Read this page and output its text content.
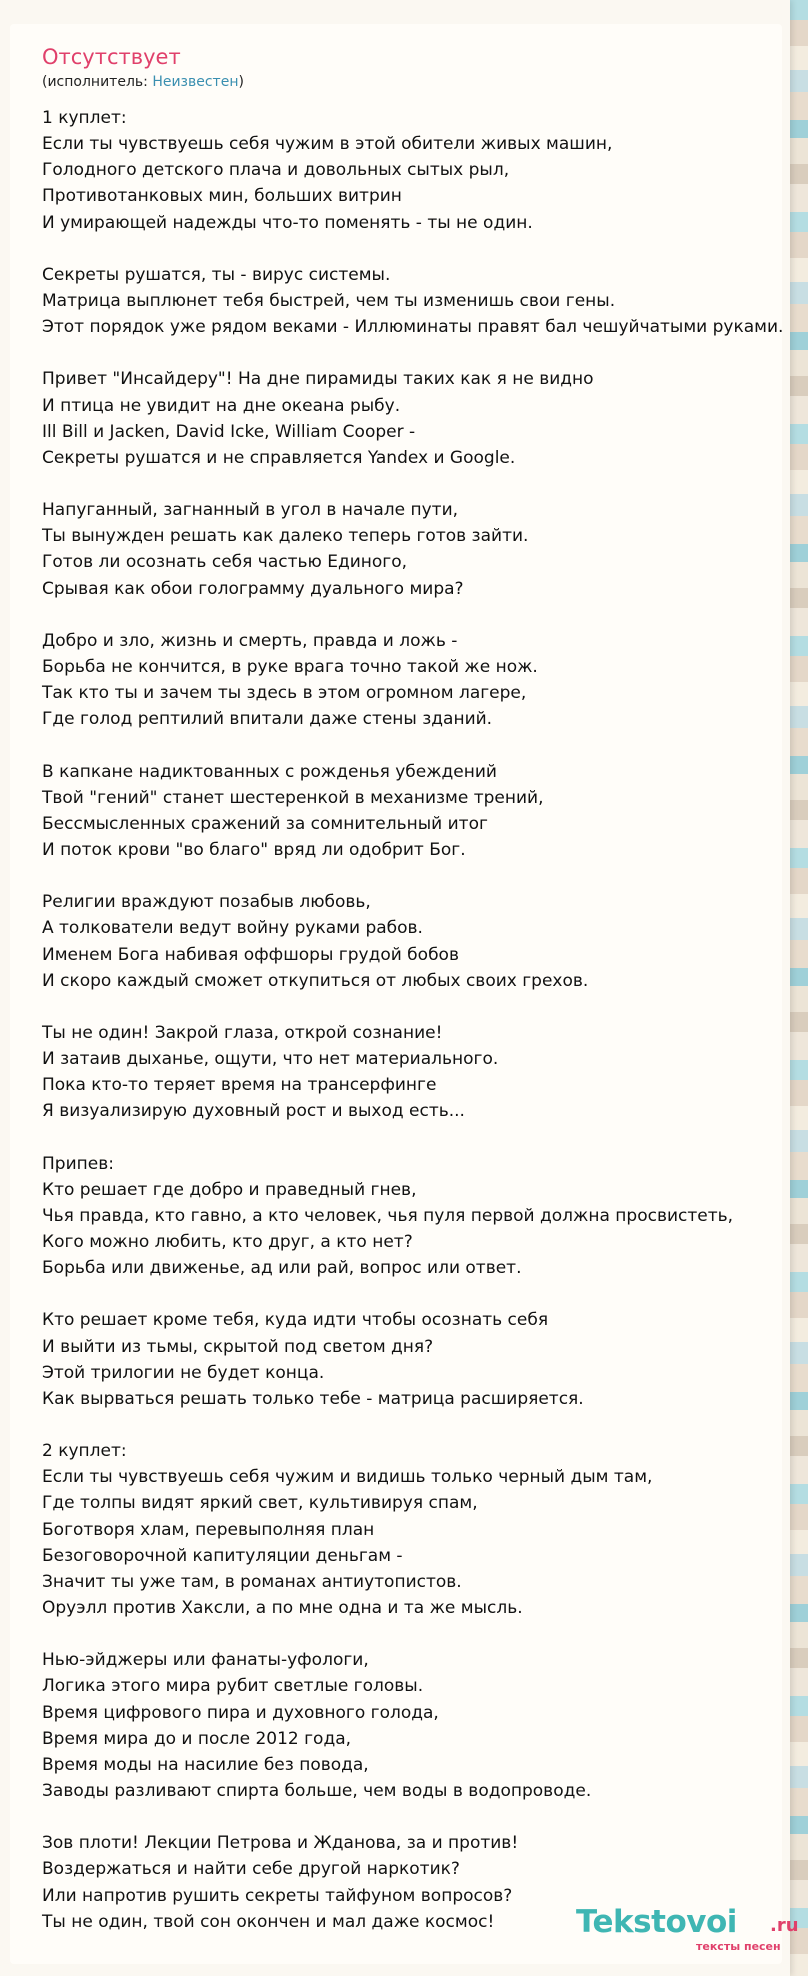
Отсутствует
(исполнитель: Неизвестен)
1 куплет:
Если ты чувствуешь себя чужим в этой обители живых машин,
Голодного детского плача и довольных сытых рыл,
Противотанковых мин, больших витрин
И умирающей надежды что-то поменять - ты не один.
Секреты рушатся, ты - вирус системы.
Матрица выплюнет тебя быстрей, чем ты изменишь свои гены.
Этот порядок уже рядом веками - Иллюминаты правят бал чешуйчатыми руками.
Привет "Инсайдеру"! На дне пирамиды таких как я не видно
И птица не увидит на дне океана рыбу.
Ill Bill и Jacken, David Icke, William Cooper -
Секреты рушатся и не справляется Yandex и Google.
Напуганный, загнанный в угол в начале пути,
Ты вынужден решать как далеко теперь готов зайти.
Готов ли осознать себя частью Единого,
Срывая как обои голограмму дуального мира?
Добро и зло, жизнь и смерть, правда и ложь -
Борьба не кончится, в руке врага точно такой же нож.
Так кто ты и зачем ты здесь в этом огромном лагере,
Где голод рептилий впитали даже стены зданий.
В капкане надиктованных с рожденья убеждений
Твой "гений" станет шестеренкой в механизме трений,
Бессмысленных сражений за сомнительный итог
И поток крови "во благо" вряд ли одобрит Бог.
Религии враждуют позабыв любовь,
А толкователи ведут войну руками рабов.
Именем Бога набивая оффшоры грудой бобов
И скоро каждый сможет откупиться от любых своих грехов.
Ты не один! Закрой глаза, открой сознание!
И затаив дыханье, ощути, что нет материального.
Пока кто-то теряет время на трансерфинге
Я визуализирую духовный рост и выход есть...
Припев:
Кто решает где добро и праведный гнев,
Чья правда, кто гавно, а кто человек, чья пуля первой должна просвистеть,
Кого можно любить, кто друг, а кто нет?
Борьба или движенье, ад или рай, вопрос или ответ.
Кто решает кроме тебя, куда идти чтобы осознать себя
И выйти из тьмы, скрытой под светом дня?
Этой трилогии не будет конца.
Как вырваться решать только тебе - матрица расширяется.
2 куплет:
Если ты чувствуешь себя чужим и видишь только черный дым там,
Где толпы видят яркий свет, культивируя спам,
Боготворя хлам, перевыполняя план
Безоговорочной капитуляции деньгам -
Значит ты уже там, в романах антиутопистов.
Оруэлл против Хаксли, а по мне одна и та же мысль.
Нью-эйджеры или фанаты-уфологи,
Логика этого мира рубит светлые головы.
Время цифрового пира и духовного голода,
Время мира до и после 2012 года,
Время моды на насилие без повода,
Заводы разливают спирта больше, чем воды в водопроводе.
Зов плоти! Лекции Петрова и Жданова, за и против!
Воздержаться и найти себе другой наркотик?
Или напротив рушить секреты тайфуном вопросов?
Ты не один, твой сон окончен и мал даже космос!	Tekstovoi .ru
тексты песен
